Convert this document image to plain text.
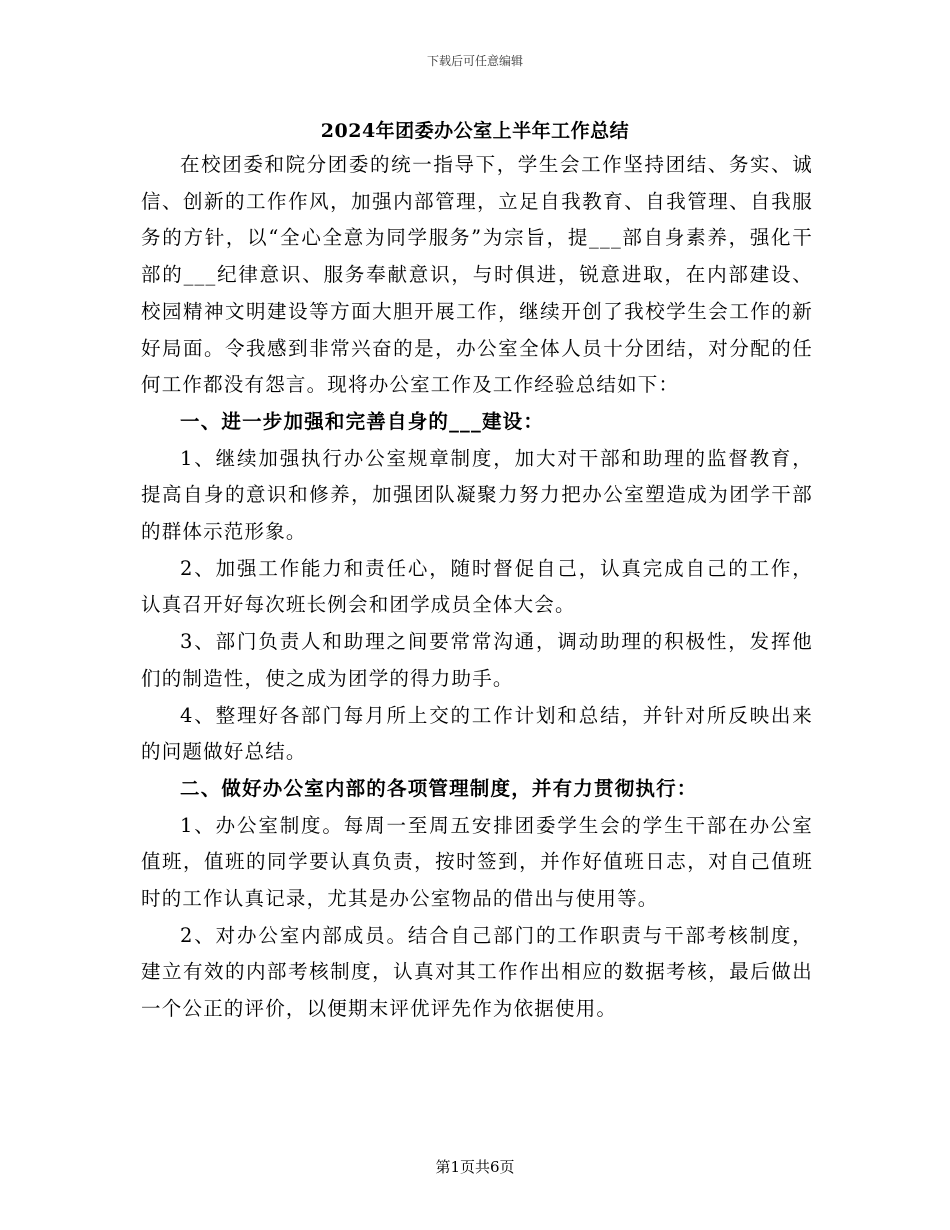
下载后可任意编辑
2024年团委办公室上半年工作总结

在校团委和院分团委的统一指导下，学生会工作坚持团结、务实、诚信、创新的工作作风，加强内部管理，立足自我教育、自我管理、自我服务的方针，以“全心全意为同学服务”为宗旨，提___部自身素养，强化干部的___纪律意识、服务奉献意识，与时俱进，锐意进取，在内部建设、校园精神文明建设等方面大胆开展工作，继续开创了我校学生会工作的新好局面。令我感到非常兴奋的是，办公室全体人员十分团结，对分配的任何工作都没有怨言。现将办公室工作及工作经验总结如下：

一、进一步加强和完善自身的___建设：

1、继续加强执行办公室规章制度，加大对干部和助理的监督教育，提高自身的意识和修养，加强团队凝聚力努力把办公室塑造成为团学干部的群体示范形象。

2、加强工作能力和责任心，随时督促自己，认真完成自己的工作，认真召开好每次班长例会和团学成员全体大会。

3、部门负责人和助理之间要常常沟通，调动助理的积极性，发挥他们的制造性，使之成为团学的得力助手。

4、整理好各部门每月所上交的工作计划和总结，并针对所反映出来的问题做好总结。

二、做好办公室内部的各项管理制度，并有力贯彻执行：

1、办公室制度。每周一至周五安排团委学生会的学生干部在办公室值班，值班的同学要认真负责，按时签到，并作好值班日志，对自己值班时的工作认真记录，尤其是办公室物品的借出与使用等。

2、对办公室内部成员。结合自己部门的工作职责与干部考核制度，建立有效的内部考核制度，认真对其工作作出相应的数据考核，最后做出一个公正的评价，以便期末评优评先作为依据使用。

第1页共6页
